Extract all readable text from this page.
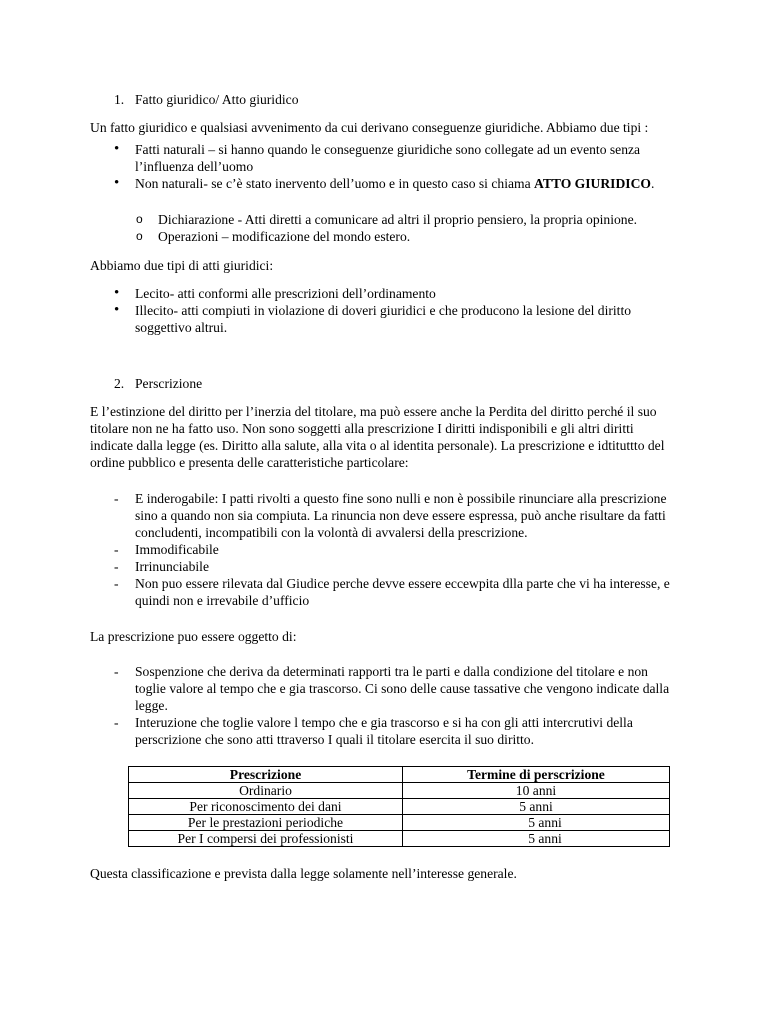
1. Fatto giuridico/ Atto giuridico

Un fatto giuridico e qualsiasi avvenimento da cui derivano conseguenze giuridiche. Abbiamo due tipi :

•	Fatti naturali – si hanno quando le conseguenze giuridiche sono collegate ad un evento senza l’influenza dell’uomo
•	Non naturali- se c’è stato inervento dell’uomo e in questo caso si chiama ATTO GIURIDICO.
o	Dichiarazione - Atti diretti a comunicare ad altri il proprio pensiero, la propria opinione.
o	Operazioni – modificazione del mondo estero.

Abbiamo due tipi di atti giuridici:

•	Lecito- atti conformi alle prescrizioni dell’ordinamento
•	Illecito- atti compiuti in violazione di doveri giuridici e che producono la lesione del diritto soggettivo altrui.
2. Perscrizione

E l’estinzione del diritto per l’inerzia del titolare, ma può essere anche la Perdita del diritto perché il suo titolare non ne ha fatto uso. Non sono soggetti alla prescrizione I diritti indisponibili e gli altri diritti indicate dalla legge (es. Diritto alla salute, alla vita o al identita personale). La prescrizione e idtituttto del ordine pubblico e presenta delle caratteristiche particolare:

-	E inderogabile: I patti rivolti a questo fine sono nulli e non è possibile rinunciare alla prescrizione sino a quando non sia compiuta. La rinuncia non deve essere espressa, può anche risultare da fatti concludenti, incompatibili con la volontà di avvalersi della prescrizione.
-	Immodificabile
-	Irrinunciabile
-	Non puo essere rilevata dal Giudice perche devve essere eccewpita dlla parte che vi ha interesse, e quindi non e irrevabile d’ufficio

La prescrizione puo essere oggetto di:

-	Sospenzione che deriva da determinati rapporti tra le parti e dalla condizione del titolare e non toglie valore al tempo che e gia trascorso. Ci sono delle cause tassative che vengono indicate dalla legge.
-	Interuzione che toglie valore l tempo che e gia trascorso e si ha con gli atti intercrutivi della perscrizione che sono atti ttraverso I quali il titolare esercita il suo diritto.
Prescrizione	Termine di perscrizione
Ordinario	10 anni
Per riconoscimento dei dani	5 anni
Per le prestazioni periodiche	5 anni
Per I compersi dei professionisti	5 anni

Questa classificazione e prevista dalla legge solamente nell’interesse generale.
